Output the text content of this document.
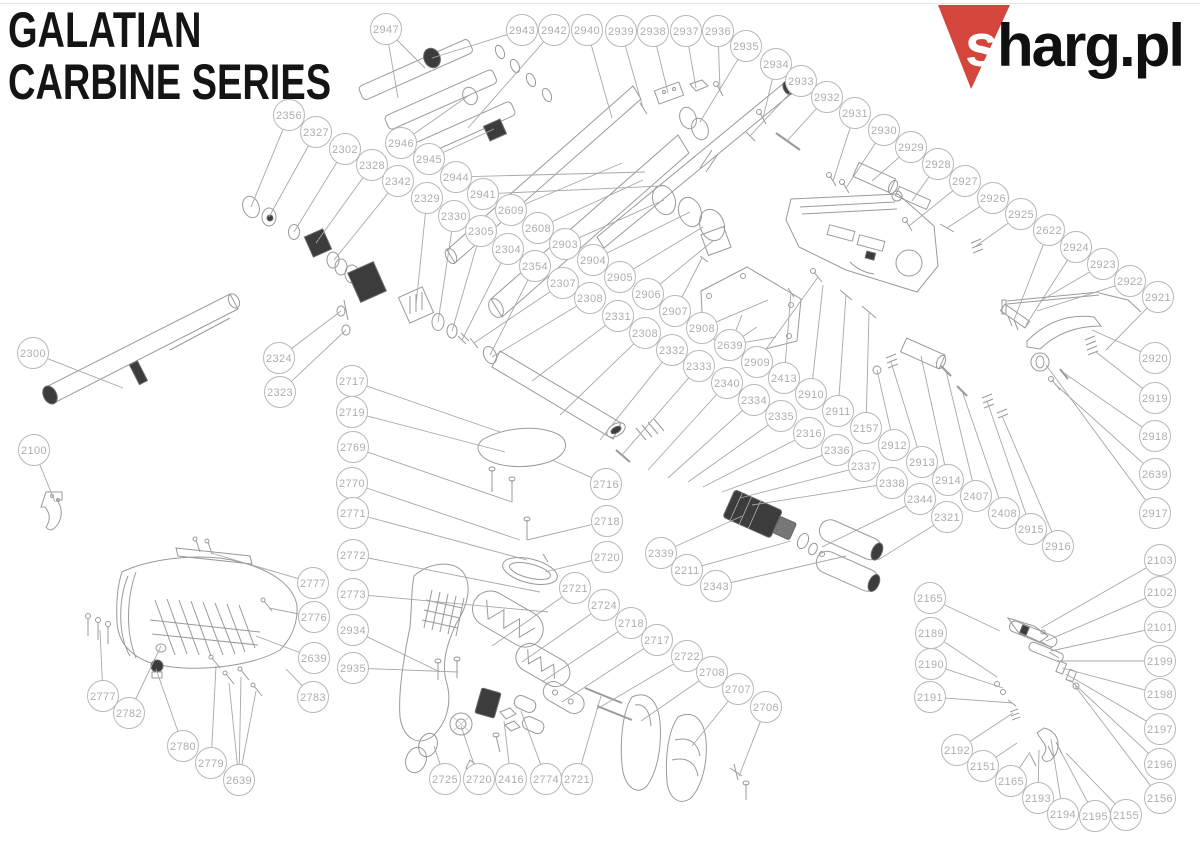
2947	2943 2942 2940 2939 2938 2937 2936
2935
2934
2933
2932
2931
2930
2929
2928
2927
2926
2925
2622
2924
2923
2922
2921
2920
2919
2918
2639
2917
2356
2327
2302
2328
2342
2946
2945
2944
2941
2329
2330
2305
2304
2354
2307
2308
2331
2308
2332
2333
2340
2334
2335
2316
2336
2337
2338
2344
2321
2609
2608
2903
2904
2905
2906
2907
2908
2639
2909
2413
2910
2911
2157
2912
2913
2914
2407
2408
2915
2916
2300
2100
2324
2323
2717
2719
2769
2770
2771
2772
2773
2934
2935
2716
2718
2720	2339
2211
2343
2721
2724
2718
2717
2722
2708
2707
2706
2777
2776
2639
2783
2777
2782
2780
2779
2639	2725 2720 2416 2774 2721
2165
2189
2190
2191
2192
2151
2165
2193
2194 2195 2155
2103
2102
2101
2199
2198
2197
2196
2156
GALATIAN
CARBINE SERIES
s
harg.pl
